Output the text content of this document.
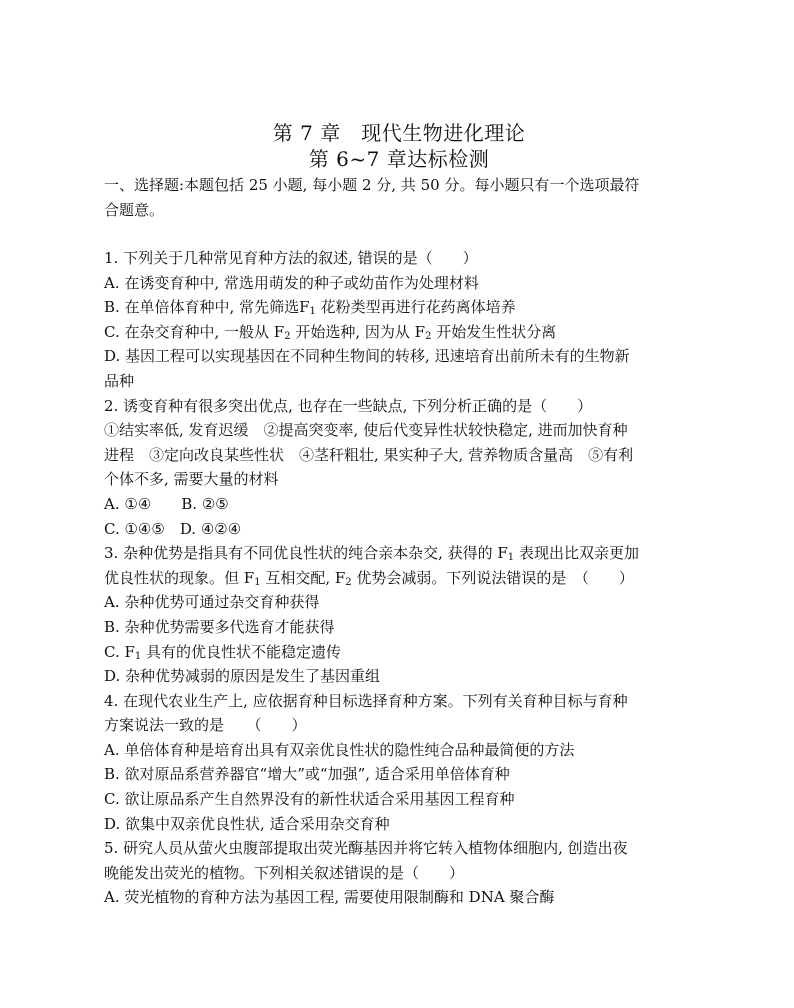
第 7 章　现代生物进化理论

第 6~7 章达标检测

一、选择题:本题包括 25 小题, 每小题 2 分, 共 50 分。每小题只有一个选项最符

合题意。

1. 下列关于几种常见育种方法的叙述, 错误的是（　　）

A. 在诱变育种中, 常选用萌发的种子或幼苗作为处理材料

B. 在单倍体育种中, 常先筛选$F_1$ 花粉类型再进行花药离体培养

C. 在杂交育种中, 一般从 $F_2$ 开始选种, 因为从 $F_2$ 开始发生性状分离

D. 基因工程可以实现基因在不同种生物间的转移, 迅速培育出前所未有的生物新

品种

2. 诱变育种有很多突出优点, 也存在一些缺点, 下列分析正确的是（　　）

①结实率低, 发育迟缓　②提高突变率, 使后代变异性状较快稳定, 进而加快育种

进程　③定向改良某些性状　④茎秆粗壮, 果实种子大, 营养物质含量高　⑤有利

个体不多, 需要大量的材料

A. ①④　　B. ②⑤

C. ①④⑤　D. ④②④

3. 杂种优势是指具有不同优良性状的纯合亲本杂交, 获得的 $F_1$ 表现出比双亲更加

优良性状的现象。但 $F_1$ 互相交配, $F_2$ 优势会减弱。下列说法错误的是　（　　）

A. 杂种优势可通过杂交育种获得

B. 杂种优势需要多代选育才能获得

C. $F_1$ 具有的优良性状不能稳定遗传

D. 杂种优势减弱的原因是发生了基因重组

4. 在现代农业生产上, 应依据育种目标选择育种方案。下列有关育种目标与育种

方案说法一致的是　　（　　）

A. 单倍体育种是培育出具有双亲优良性状的隐性纯合品种最简便的方法

B. 欲对原品系营养器官“增大”或“加强”, 适合采用单倍体育种

C. 欲让原品系产生自然界没有的新性状适合采用基因工程育种

D. 欲集中双亲优良性状, 适合采用杂交育种

5. 研究人员从萤火虫腹部提取出荧光酶基因并将它转入植物体细胞内, 创造出夜

晚能发出荧光的植物。下列相关叙述错误的是（　　）

A. 荧光植物的育种方法为基因工程, 需要使用限制酶和 DNA 聚合酶
